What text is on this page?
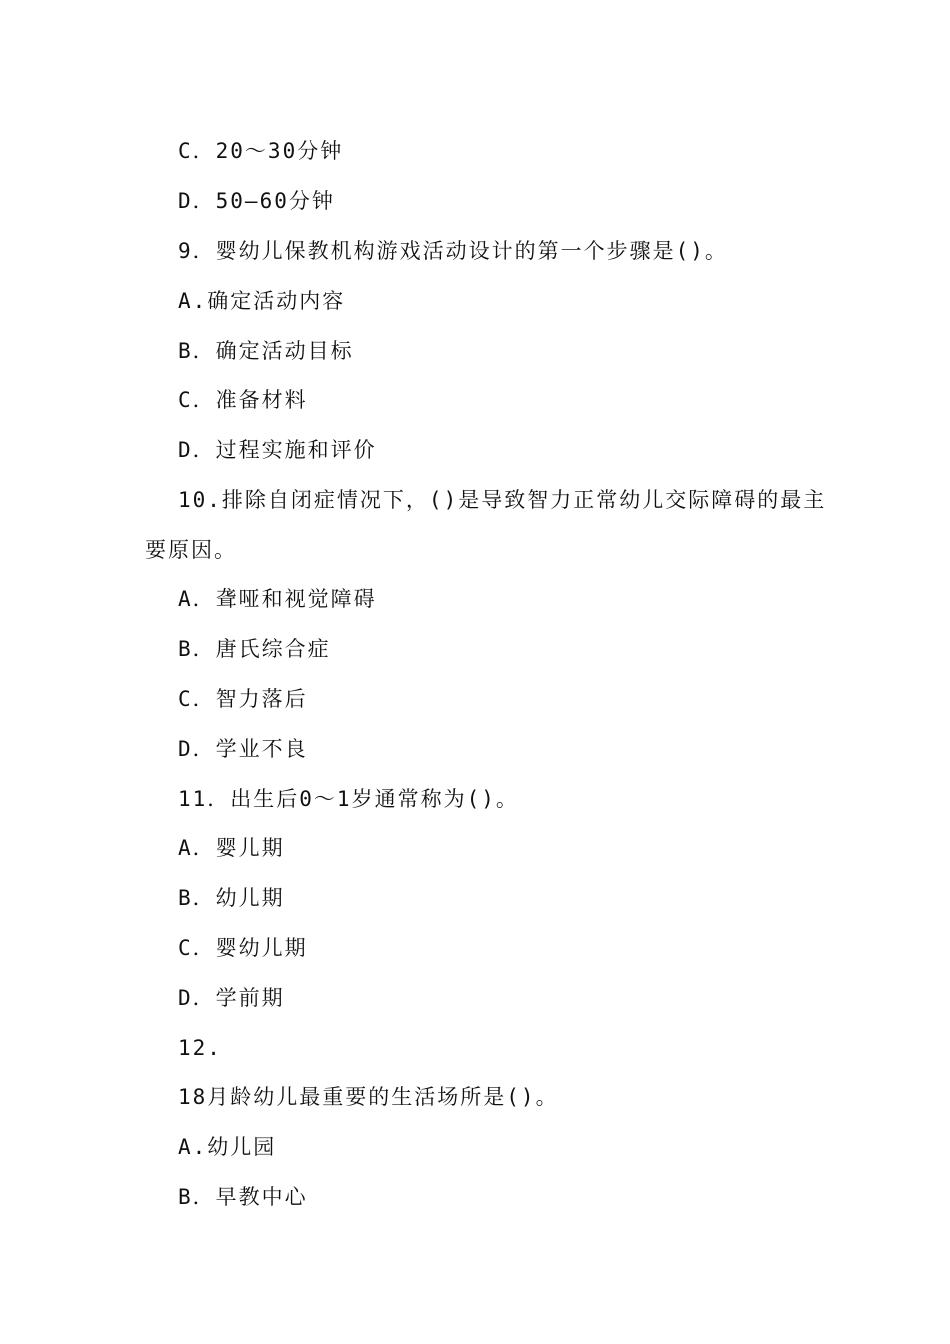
C．20～30分钟
D．50—60分钟
9．婴幼儿保教机构游戏活动设计的第一个步骤是()。
A.确定活动内容
B．确定活动目标
C．准备材料
D．过程实施和评价
10.排除自闭症情况下，()是导致智力正常幼儿交际障碍的最主
要原因。
A．聋哑和视觉障碍
B．唐氏综合症
C．智力落后
D．学业不良
11．出生后0～1岁通常称为()。
A．婴儿期
B．幼儿期
C．婴幼儿期
D．学前期
12.
18月龄幼儿最重要的生活场所是()。
A.幼儿园
B．早教中心
